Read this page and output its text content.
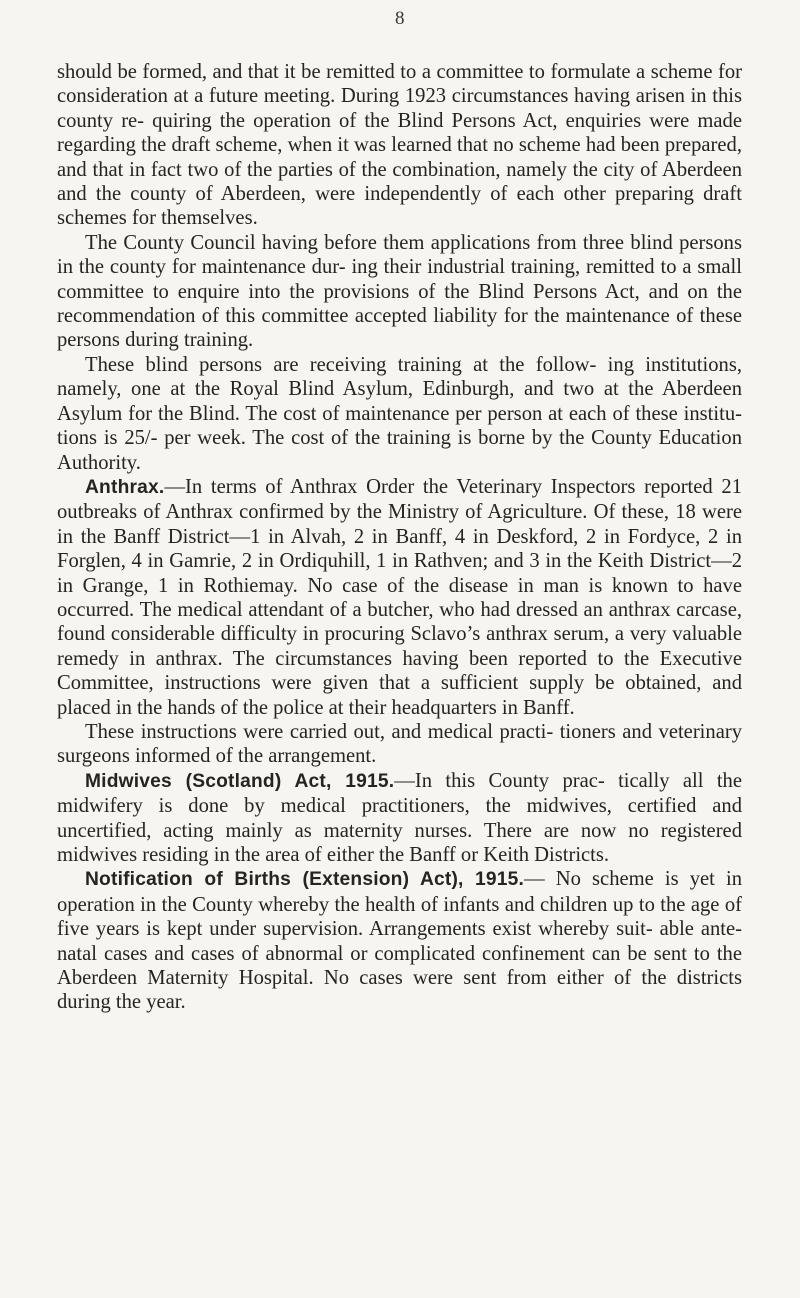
8

should be formed, and that it be remitted to a committee to formulate a scheme for consideration at a future meeting. During 1923 circumstances having arisen in this county re- quiring the operation of the Blind Persons Act, enquiries were made regarding the draft scheme, when it was learned that no scheme had been prepared, and that in fact two of the parties of the combination, namely the city of Aberdeen and the county of Aberdeen, were independently of each other preparing draft schemes for themselves.

The County Council having before them applications from three blind persons in the county for maintenance dur- ing their industrial training, remitted to a small committee to enquire into the provisions of the Blind Persons Act, and on the recommendation of this committee accepted liability for the maintenance of these persons during training.

These blind persons are receiving training at the follow- ing institutions, namely, one at the Royal Blind Asylum, Edinburgh, and two at the Aberdeen Asylum for the Blind. The cost of maintenance per person at each of these institu- tions is 25/- per week. The cost of the training is borne by the County Education Authority.

Anthrax.—In terms of Anthrax Order the Veterinary Inspectors reported 21 outbreaks of Anthrax confirmed by the Ministry of Agriculture. Of these, 18 were in the Banff District—1 in Alvah, 2 in Banff, 4 in Deskford, 2 in Fordyce, 2 in Forglen, 4 in Gamrie, 2 in Ordiquhill, 1 in Rathven; and 3 in the Keith District—2 in Grange, 1 in Rothiemay. No case of the disease in man is known to have occurred. The medical attendant of a butcher, who had dressed an anthrax carcase, found considerable difficulty in procuring Sclavo’s anthrax serum, a very valuable remedy in anthrax. The circumstances having been reported to the Executive Committee, instructions were given that a sufficient supply be obtained, and placed in the hands of the police at their headquarters in Banff.

These instructions were carried out, and medical practi- tioners and veterinary surgeons informed of the arrangement.

Midwives (Scotland) Act, 1915.—In this County prac- tically all the midwifery is done by medical practitioners, the midwives, certified and uncertified, acting mainly as maternity nurses. There are now no registered midwives residing in the area of either the Banff or Keith Districts.

Notification of Births (Extension) Act), 1915.— No scheme is yet in operation in the County whereby the health of infants and children up to the age of five years is kept under supervision. Arrangements exist whereby suit- able ante-natal cases and cases of abnormal or complicated confinement can be sent to the Aberdeen Maternity Hospital. No cases were sent from either of the districts during the year.
